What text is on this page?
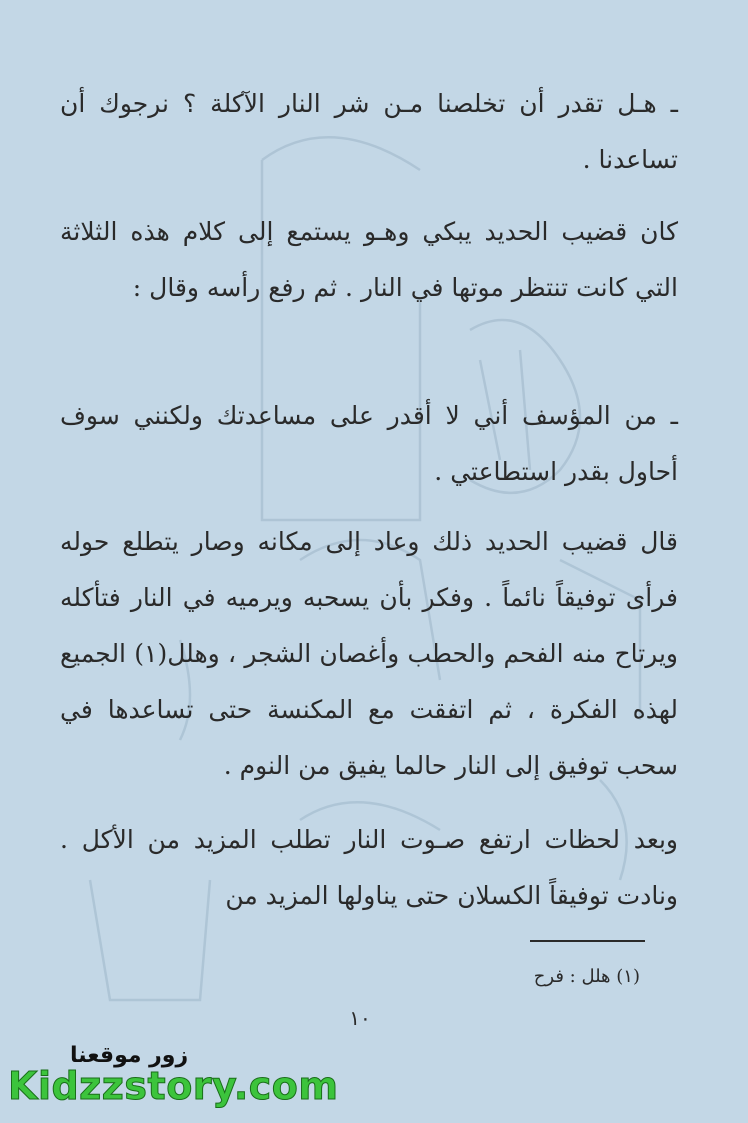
ـ هـل تقدر أن تخلصنا مـن شر النار الآكلة ؟ نرجوك أن تساعدنا .

كان قضيب الحديد يبكي وهـو يستمع إلى كلام هذه الثلاثة التي كانت تنتظر موتها في النار . ثم رفع رأسه وقال :

ـ من المؤسف أني لا أقدر على مساعدتك ولكنني سوف أحاول بقدر استطاعتي .

قال قضيب الحديد ذلك وعاد إلى مكانه وصار يتطلع حوله فرأى توفيقاً نائماً . وفكر بأن يسحبه ويرميه في النار فتأكله ويرتاح منه الفحم والحطب وأغصان الشجر ، وهلل(١) الجميع لهذه الفكرة ، ثم اتفقت مع المكنسة حتى تساعدها في سحب توفيق إلى النار حالما يفيق من النوم .

وبعد لحظات ارتفع صـوت النار تطلب المزيد من الأكل . ونادت توفيقاً الكسلان حتى يناولها المزيد من

(١) هلل : فرح
١٠
زور موقعنا
Kidzzstory.com
